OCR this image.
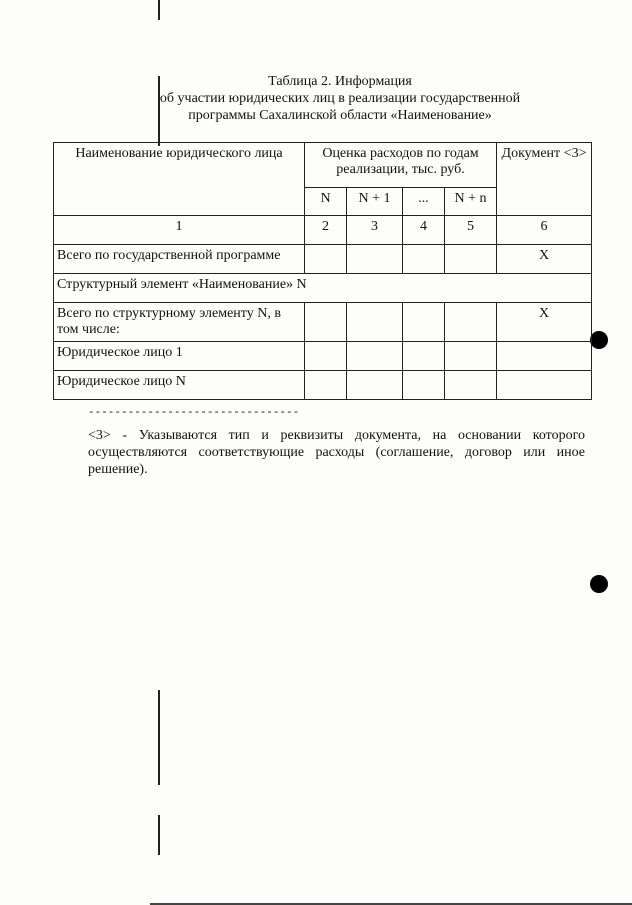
Таблица 2. Информация
об участии юридических лиц в реализации государственной
программы Сахалинской области «Наименование»
Наименование юридического лица	Оценка расходов по годам реализации, тыс. руб.				Документ <3>
	N	N + 1	...	N + n	
1	2	3	4	5	6
Всего по государственной программе					X
Структурный элемент «Наименование» N					
Всего по структурному элементу N, в том числе:					X
Юридическое лицо 1					
Юридическое лицо N					
--------------------------------
<3> - Указываются тип и реквизиты документа, на основании которого осуществляются соответствующие расходы (соглашение, договор или иное решение).
